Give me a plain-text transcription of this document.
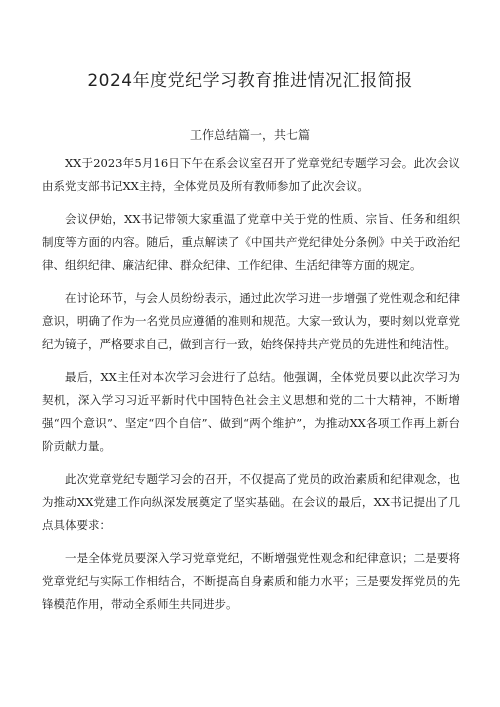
2024年度党纪学习教育推进情况汇报简报
工作总结篇一，共七篇

XX于2023年5月16日下午在系会议室召开了党章党纪专题学习会。此次会议由系党支部书记XX主持，全体党员及所有教师参加了此次会议。

会议伊始，XX书记带领大家重温了党章中关于党的性质、宗旨、任务和组织制度等方面的内容。随后，重点解读了《中国共产党纪律处分条例》中关于政治纪律、组织纪律、廉洁纪律、群众纪律、工作纪律、生活纪律等方面的规定。

在讨论环节，与会人员纷纷表示，通过此次学习进一步增强了党性观念和纪律意识，明确了作为一名党员应遵循的准则和规范。大家一致认为，要时刻以党章党纪为镜子，严格要求自己，做到言行一致，始终保持共产党员的先进性和纯洁性。

最后，XX主任对本次学习会进行了总结。他强调，全体党员要以此次学习为契机，深入学习习近平新时代中国特色社会主义思想和党的二十大精神，不断增强“四个意识”、坚定“四个自信”、做到“两个维护”，为推动XX各项工作再上新台阶贡献力量。

此次党章党纪专题学习会的召开，不仅提高了党员的政治素质和纪律观念，也为推动XX党建工作向纵深发展奠定了坚实基础。在会议的最后，XX书记提出了几点具体要求：

一是全体党员要深入学习党章党纪，不断增强党性观念和纪律意识；二是要将党章党纪与实际工作相结合，不断提高自身素质和能力水平；三是要发挥党员的先锋模范作用，带动全系师生共同进步。
